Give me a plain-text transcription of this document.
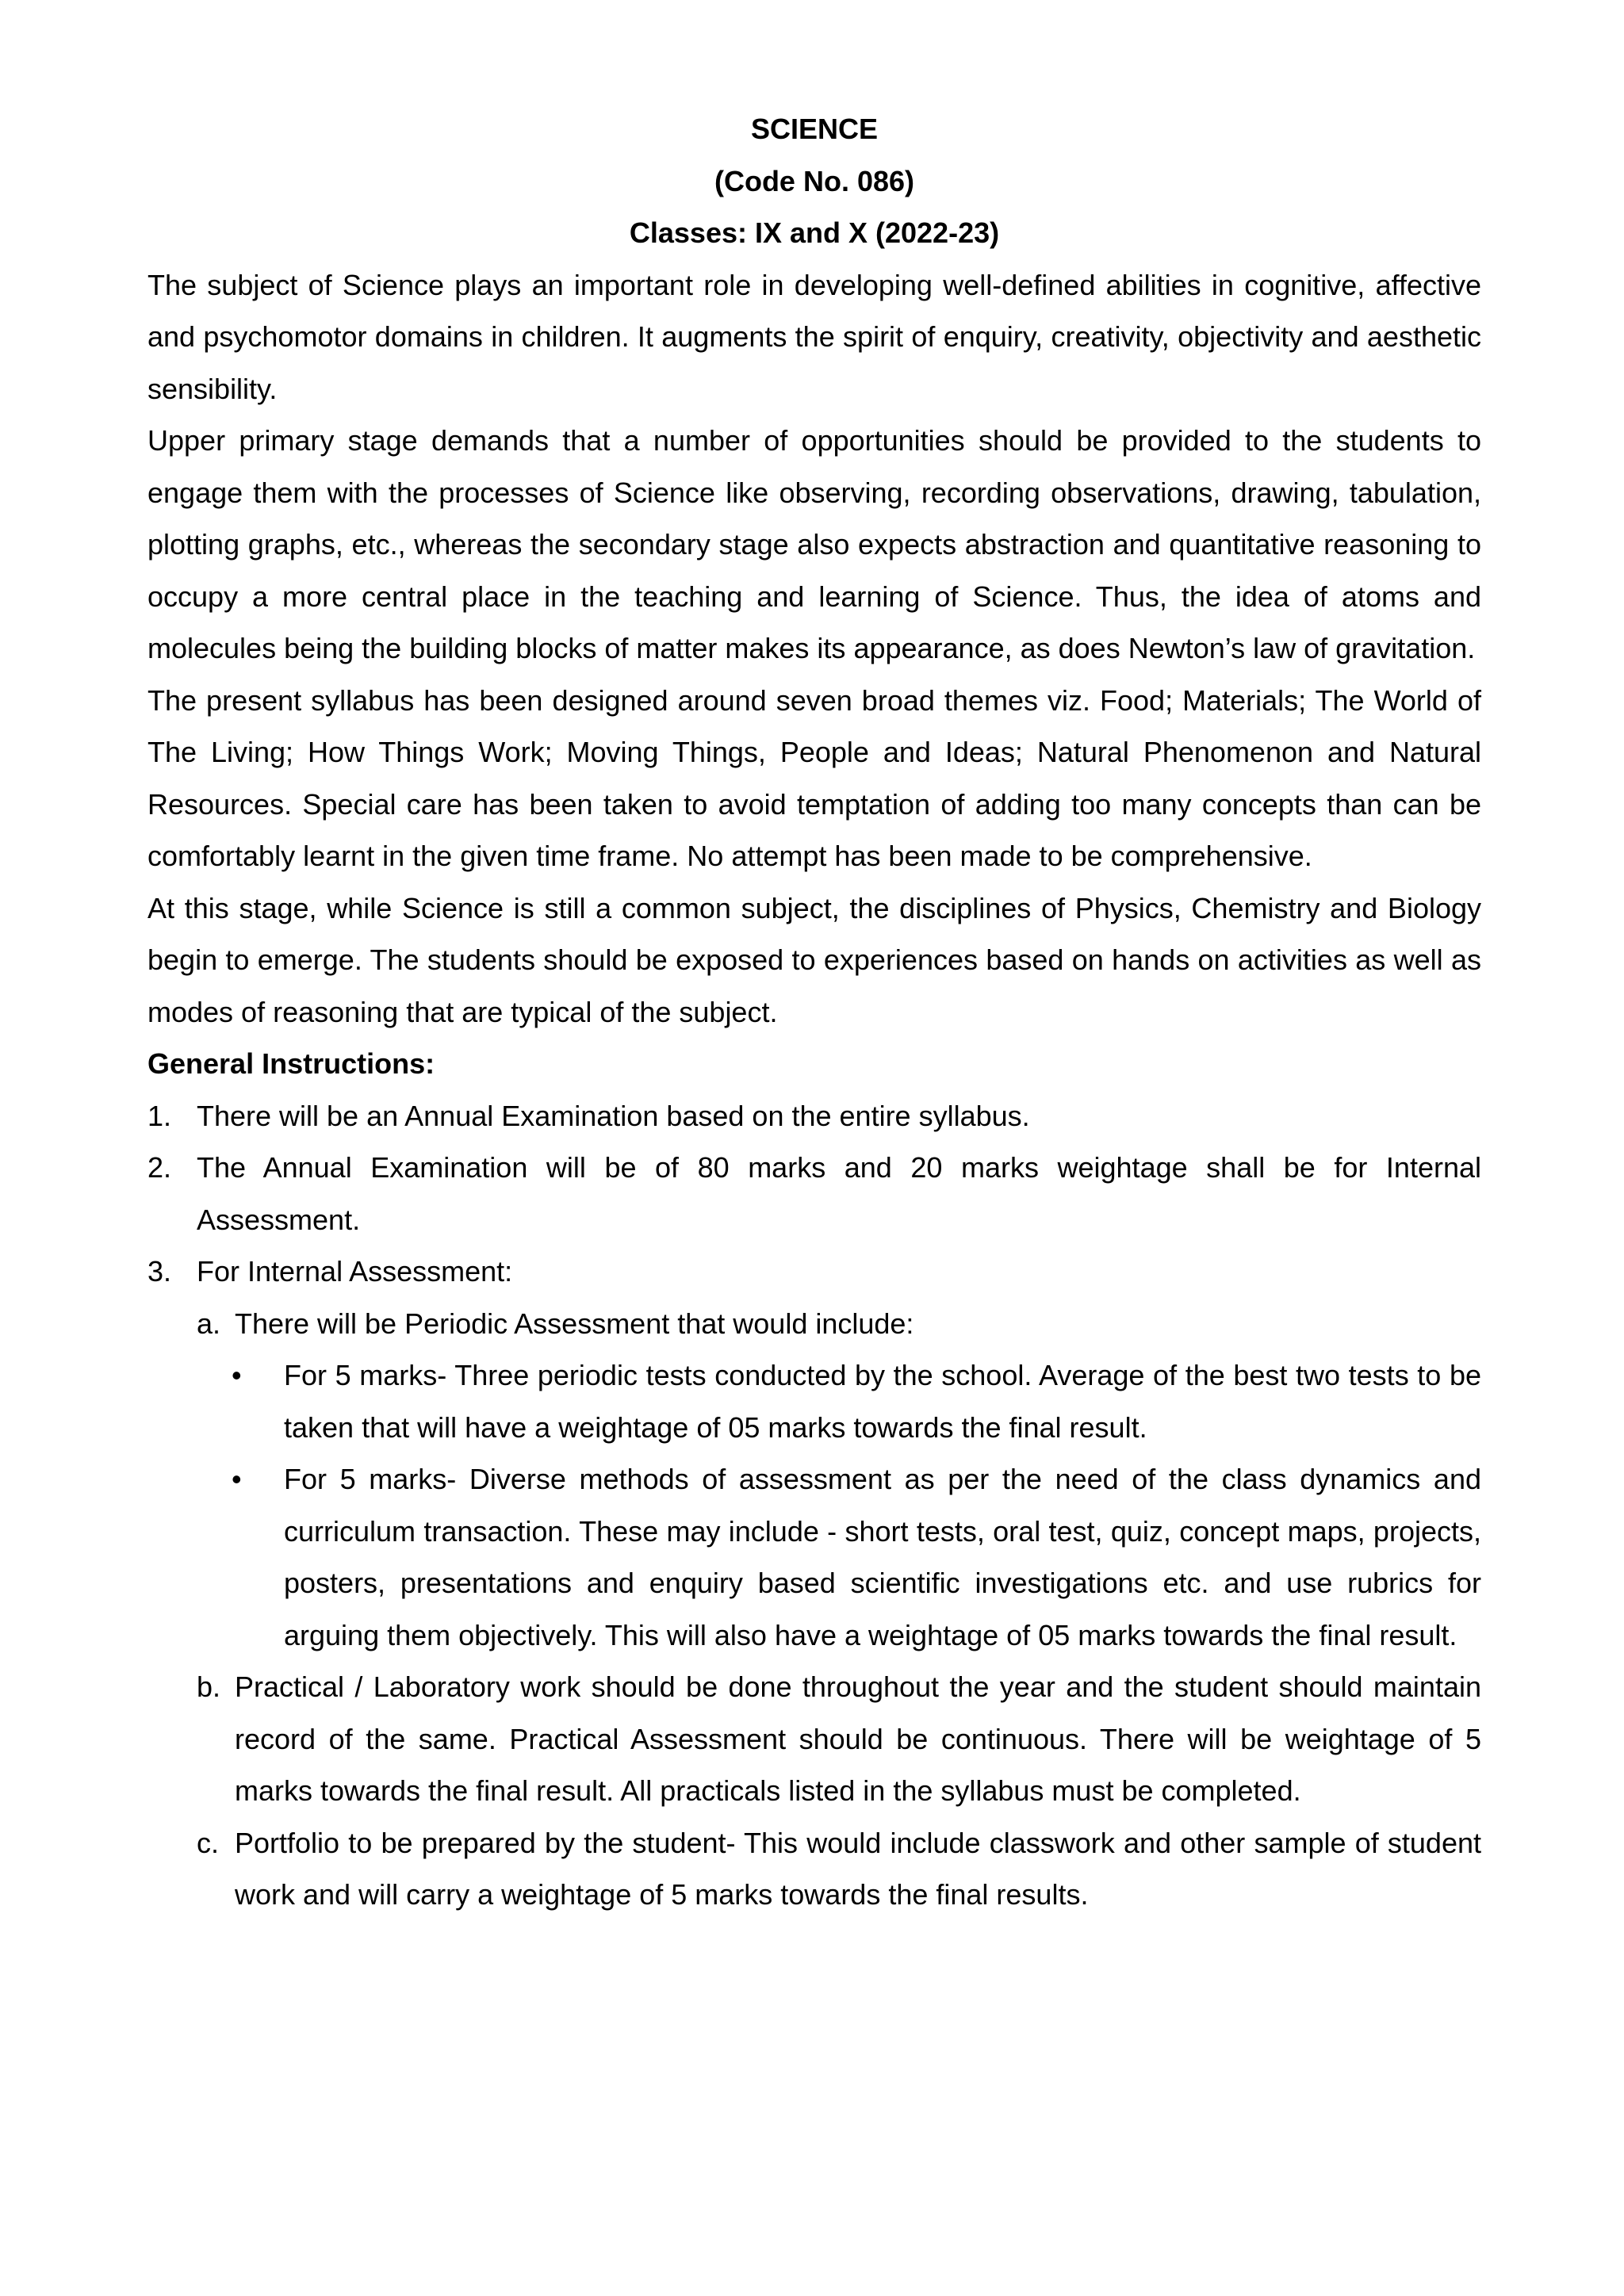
SCIENCE
(Code No. 086)
Classes: IX and X (2022-23)

The subject of Science plays an important role in developing well-defined abilities in cognitive, affective and psychomotor domains in children. It augments the spirit of enquiry, creativity, objectivity and aesthetic sensibility.

Upper primary stage demands that a number of opportunities should be provided to the students to engage them with the processes of Science like observing, recording observations, drawing, tabulation, plotting graphs, etc., whereas the secondary stage also expects abstraction and quantitative reasoning to occupy a more central place in the teaching and learning of Science. Thus, the idea of atoms and molecules being the building blocks of matter makes its appearance, as does Newton’s law of gravitation.

The present syllabus has been designed around seven broad themes viz. Food; Materials; The World of The Living; How Things Work; Moving Things, People and Ideas; Natural Phenomenon and Natural Resources. Special care has been taken to avoid temptation of adding too many concepts than can be comfortably learnt in the given time frame. No attempt has been made to be comprehensive.

At this stage, while Science is still a common subject, the disciplines of Physics, Chemistry and Biology begin to emerge. The students should be exposed to experiences based on hands on activities as well as modes of reasoning that are typical of the subject.

General Instructions:

1. There will be an Annual Examination based on the entire syllabus.
2. The Annual Examination will be of 80 marks and 20 marks weightage shall be for Internal Assessment.
3. For Internal Assessment:
a. There will be Periodic Assessment that would include:
• For 5 marks- Three periodic tests conducted by the school. Average of the best two tests to be taken that will have a weightage of 05 marks towards the final result.
• For 5 marks- Diverse methods of assessment as per the need of the class dynamics and curriculum transaction. These may include - short tests, oral test, quiz, concept maps, projects, posters, presentations and enquiry based scientific investigations etc. and use rubrics for arguing them objectively. This will also have a weightage of 05 marks towards the final result.
b. Practical / Laboratory work should be done throughout the year and the student should maintain record of the same. Practical Assessment should be continuous. There will be weightage of 5 marks towards the final result. All practicals listed in the syllabus must be completed.
c. Portfolio to be prepared by the student- This would include classwork and other sample of student work and will carry a weightage of 5 marks towards the final results.
